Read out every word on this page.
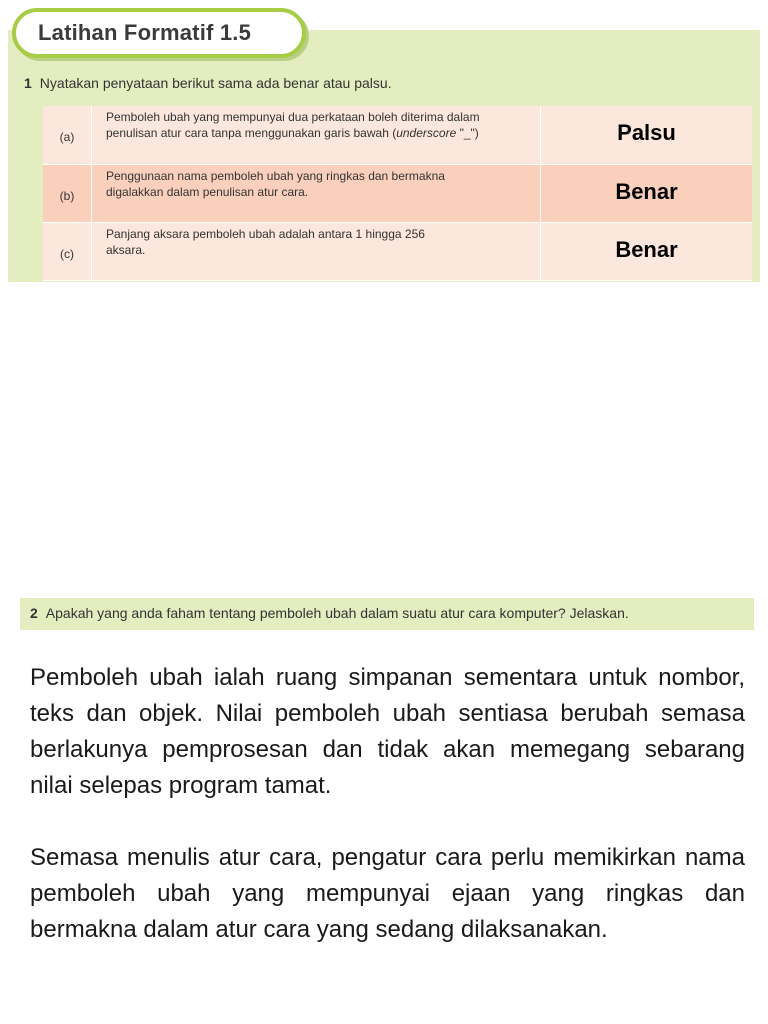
Latihan Formatif 1.5
1 Nyatakan penyataan berikut sama ada benar atau palsu.
(a)	Pemboleh ubah yang mempunyai dua perkataan boleh diterima dalam
penulisan atur cara tanpa menggunakan garis bawah (underscore "_")	Palsu
(b)	Penggunaan nama pemboleh ubah yang ringkas dan bermakna
digalakkan dalam penulisan atur cara.	Benar
(c)	Panjang aksara pemboleh ubah adalah antara 1 hingga 256
aksara.	Benar
2 Apakah yang anda faham tentang pemboleh ubah dalam suatu atur cara komputer? Jelaskan.

Pemboleh ubah ialah ruang simpanan sementara untuk nombor, teks dan objek. Nilai pemboleh ubah sentiasa berubah semasa berlakunya pemprosesan dan tidak akan memegang sebarang nilai selepas program tamat.

Semasa menulis atur cara, pengatur cara perlu memikirkan nama pemboleh ubah yang mempunyai ejaan yang ringkas dan bermakna dalam atur cara yang sedang dilaksanakan.
